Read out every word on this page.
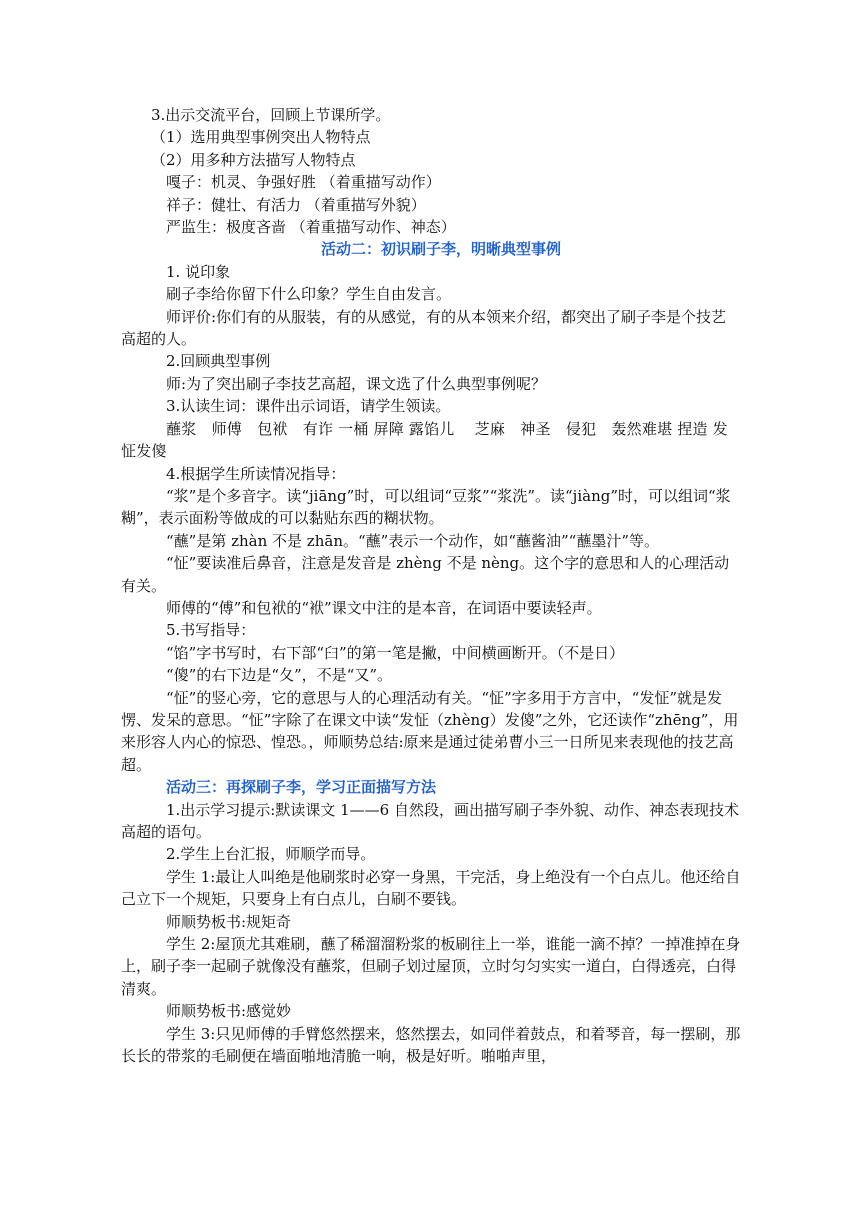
3.出示交流平台，回顾上节课所学。

（1）选用典型事例突出人物特点

（2）用多种方法描写人物特点

嘎子：机灵、争强好胜 （着重描写动作）

祥子：健壮、有活力 （着重描写外貌）

严监生：极度吝啬 （着重描写动作、神态）

活动二：初识刷子李，明晰典型事例

1. 说印象

刷子李给你留下什么印象？学生自由发言。

师评价:你们有的从服装，有的从感觉，有的从本领来介绍，都突出了刷子李是个技艺高超的人。

2.回顾典型事例

师:为了突出刷子李技艺高超，课文选了什么典型事例呢？

3.认读生词：课件出示词语，请学生领读。

蘸浆　师傅　包袱　有诈 一桶 屏障 露馅儿　 芝麻　神圣　侵犯　轰然难堪 捏造 发怔发傻

4.根据学生所读情况指导：

“浆”是个多音字。读“jiāng”时，可以组词“豆浆”“浆洗”。读“jiàng”时，可以组词“浆糊”，表示面粉等做成的可以黏贴东西的糊状物。

“蘸”是第 zhàn 不是 zhān。“蘸”表示一个动作，如“蘸酱油”“蘸墨汁”等。

“怔”要读准后鼻音，注意是发音是 zhèng 不是 nèng。这个字的意思和人的心理活动有关。

师傅的“傅”和包袱的“袱”课文中注的是本音，在词语中要读轻声。

5.书写指导：

“馅”字书写时，右下部“臼”的第一笔是撇，中间横画断开。（不是日）

“傻”的右下边是“夂”，不是“又”。

“怔”的竖心旁，它的意思与人的心理活动有关。“怔”字多用于方言中，“发怔”就是发愣、发呆的意思。“怔”字除了在课文中读“发怔（zhèng）发傻”之外，它还读作“zhēng”，用来形容人内心的惊恐、惶恐。，师顺势总结:原来是通过徒弟曹小三一日所见来表现他的技艺高超。

活动三：再探刷子李，学习正面描写方法

1.出示学习提示:默读课文 1——6 自然段，画出描写刷子李外貌、动作、神态表现技术高超的语句。

2.学生上台汇报，师顺学而导。

学生 1:最让人叫绝是他刷浆时必穿一身黑，干完活，身上绝没有一个白点儿。他还给自己立下一个规矩，只要身上有白点儿，白刷不要钱。

师顺势板书:规矩奇

学生 2:屋顶尤其难刷，蘸了稀溜溜粉浆的板刷往上一举，谁能一滴不掉？一掉准掉在身上，刷子李一起刷子就像没有蘸浆，但刷子划过屋顶，立时匀匀实实一道白，白得透亮，白得清爽。

师顺势板书:感觉妙

学生 3:只见师傅的手臂悠然摆来，悠然摆去，如同伴着鼓点，和着琴音，每一摆刷，那长长的带浆的毛刷便在墙面啪地清脆一响，极是好听。啪啪声里，
